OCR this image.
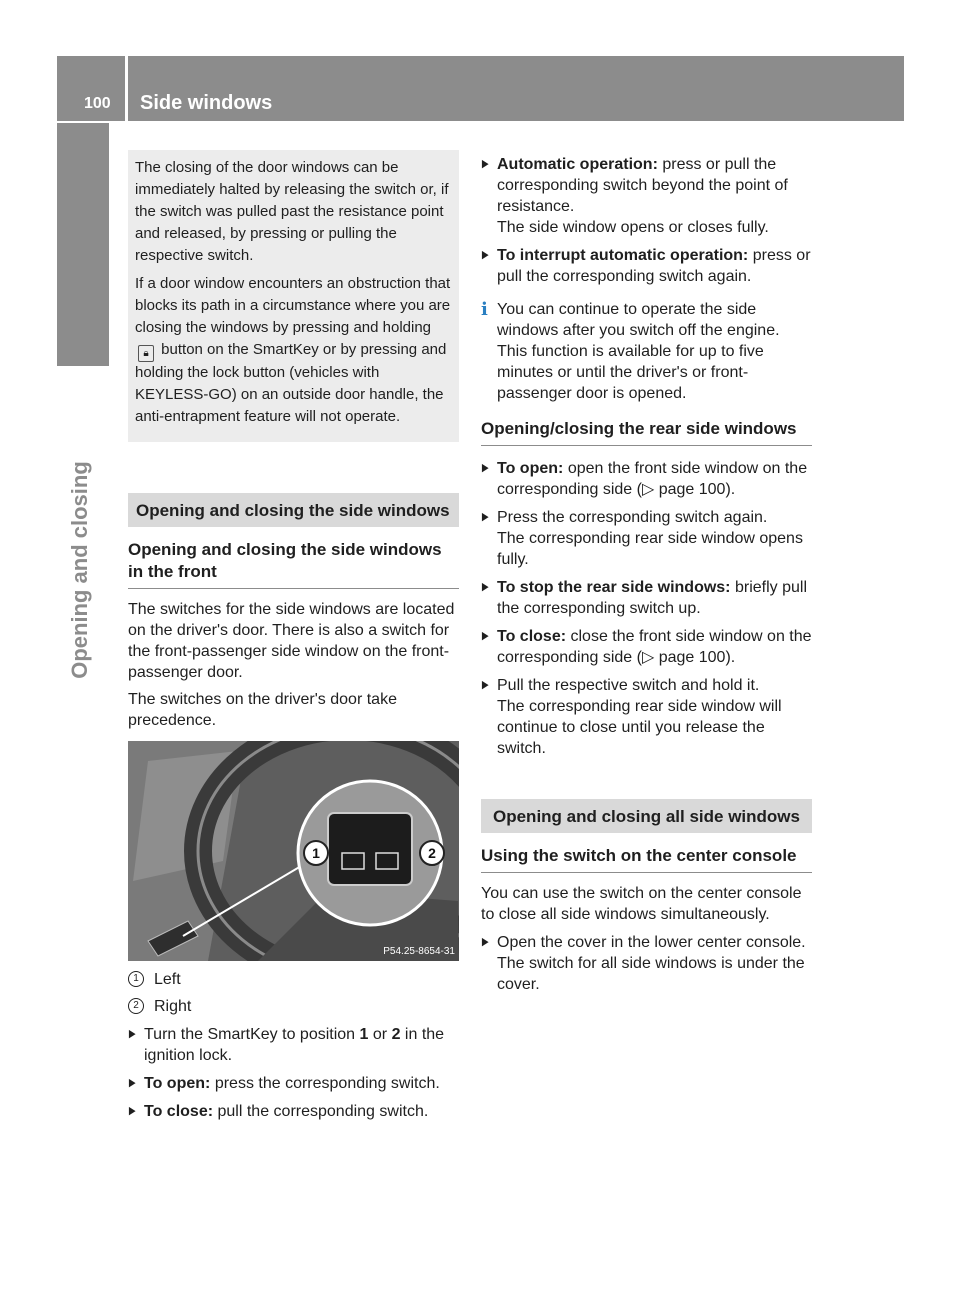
100 Side windows
Opening and closing

The closing of the door windows can be immediately halted by releasing the switch or, if the switch was pulled past the resistance point and released, by pressing or pulling the respective switch.

If a door window encounters an obstruction that blocks its path in a circumstance where you are closing the windows by pressing and holding 🔒︎ button on the SmartKey or by pressing and holding the lock button (vehicles with KEYLESS-GO) on an outside door handle, the anti-entrapment feature will not operate.

Opening and closing the side windows
Opening and closing the side windows in the front

The switches for the side windows are located on the driver's door. There is also a switch for the front-passenger side window on the front-passenger door.

The switches on the driver's door take precedence.

1	2
P54.25-8654-31
1 Left
2 Right
▶ Turn the SmartKey to position 1 or 2 in the ignition lock.
▶ To open: press the corresponding switch.
▶ To close: pull the corresponding switch.
▶ Automatic operation: press or pull the corresponding switch beyond the point of resistance.
The side window opens or closes fully.
▶ To interrupt automatic operation: press or pull the corresponding switch again.
i You can continue to operate the side windows after you switch off the engine. This function is available for up to five minutes or until the driver's or front-passenger door is opened.
Opening/closing the rear side windows
▶ To open: open the front side window on the corresponding side (▷ page 100).
▶ Press the corresponding switch again.
The corresponding rear side window opens fully.
▶ To stop the rear side windows: briefly pull the corresponding switch up.
▶ To close: close the front side window on the corresponding side (▷ page 100).
▶ Pull the respective switch and hold it.
The corresponding rear side window will continue to close until you release the switch.
Opening and closing all side windows
Using the switch on the center console

You can use the switch on the center console to close all side windows simultaneously.

▶ Open the cover in the lower center console.
The switch for all side windows is under the cover.
